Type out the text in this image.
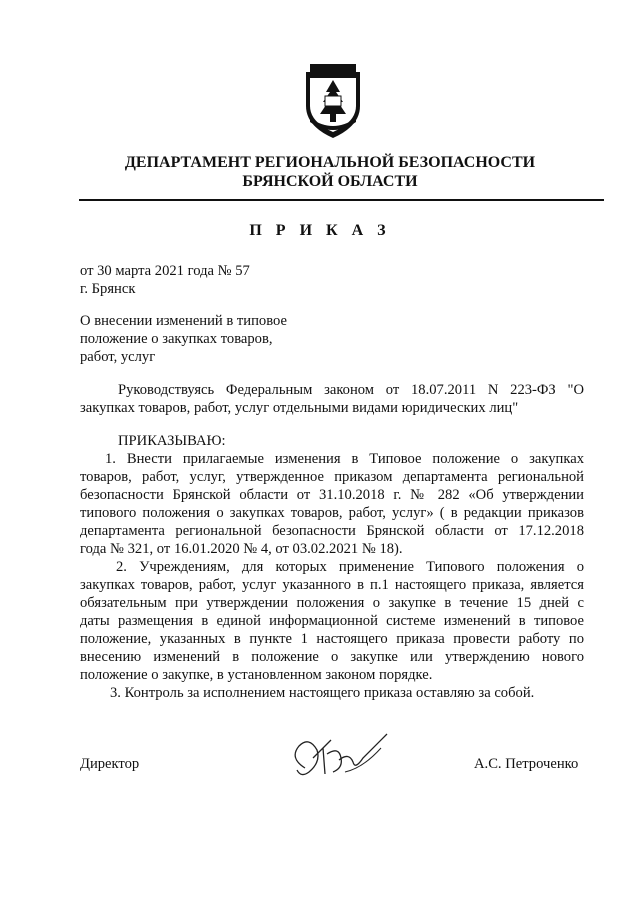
ДЕПАРТАМЕНТ РЕГИОНАЛЬНОЙ БЕЗОПАСНОСТИ
БРЯНСКОЙ ОБЛАСТИ
П Р И К А З
от 30 марта 2021 года № 57
г. Брянск
О внесении изменений в типовое
положение о закупках товаров,
работ, услуг
Руководствуясь Федеральным законом от 18.07.2011 N 223-ФЗ "О
закупках товаров, работ, услуг отдельными видами юридических лиц"
ПРИКАЗЫВАЮ:
1. Внести прилагаемые изменения в Типовое положение о закупках
товаров, работ, услуг, утвержденное приказом департамента региональной
безопасности Брянской области от 31.10.2018 г. № 282 «Об утверждении
типового положения о закупках товаров, работ, услуг» ( в редакции приказов
департамента региональной безопасности Брянской области от 17.12.2018
года № 321, от 16.01.2020 № 4, от 03.02.2021 № 18).
2. Учреждениям, для которых применение Типового положения о
закупках товаров, работ, услуг указанного в п.1 настоящего приказа, является
обязательным при утверждении положения о закупке в течение 15 дней с
даты размещения в единой информационной системе изменений в типовое
положение, указанных в пункте 1 настоящего приказа провести работу по
внесению изменений в положение о закупке или утверждению нового
положение о закупке, в установленном законом порядке.
3. Контроль за исполнением настоящего приказа оставляю за собой.
Директор	А.С. Петроченко
